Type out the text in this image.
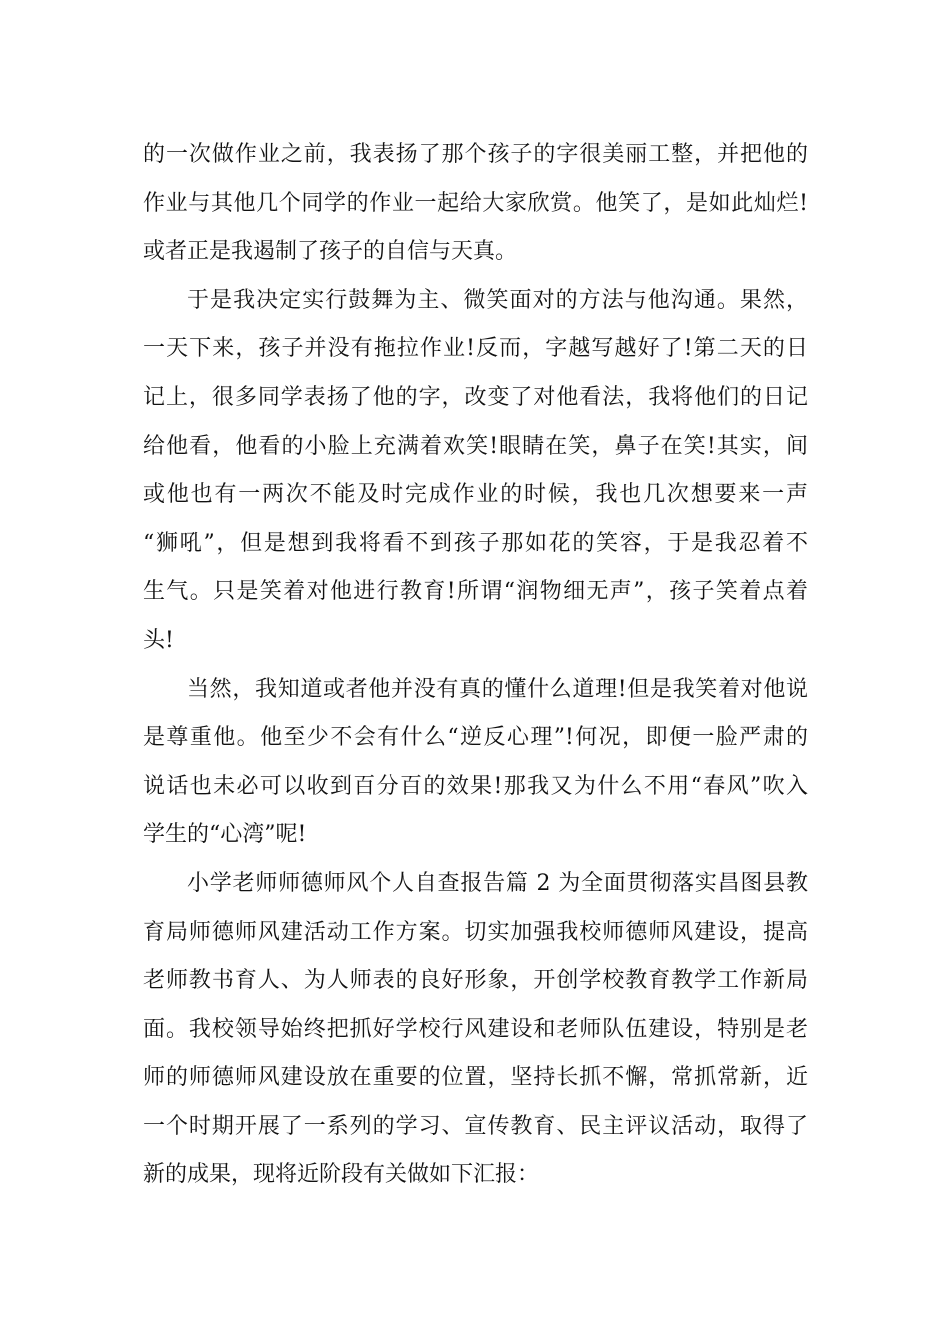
的一次做作业之前，我表扬了那个孩子的字很美丽工整，并把他的
作业与其他几个同学的作业一起给大家欣赏。他笑了，是如此灿烂!
或者正是我遏制了孩子的自信与天真。
于是我决定实行鼓舞为主、微笑面对的方法与他沟通。果然，
一天下来，孩子并没有拖拉作业!反而，字越写越好了!第二天的日
记上，很多同学表扬了他的字，改变了对他看法，我将他们的日记
给他看，他看的小脸上充满着欢笑!眼睛在笑，鼻子在笑!其实，间
或他也有一两次不能及时完成作业的时候，我也几次想要来一声
“狮吼”，但是想到我将看不到孩子那如花的笑容，于是我忍着不
生气。只是笑着对他进行教育!所谓“润物细无声”，孩子笑着点着
头!
当然，我知道或者他并没有真的懂什么道理!但是我笑着对他说
是尊重他。他至少不会有什么“逆反心理”!何况，即便一脸严肃的
说话也未必可以收到百分百的效果!那我又为什么不用“春风”吹入
学生的“心湾”呢!
小学老师师德师风个人自查报告篇 2 为全面贯彻落实昌图县教
育局师德师风建活动工作方案。切实加强我校师德师风建设，提高
老师教书育人、为人师表的良好形象，开创学校教育教学工作新局
面。我校领导始终把抓好学校行风建设和老师队伍建设，特别是老
师的师德师风建设放在重要的位置，坚持长抓不懈，常抓常新，近
一个时期开展了一系列的学习、宣传教育、民主评议活动，取得了
新的成果，现将近阶段有关做如下汇报：
